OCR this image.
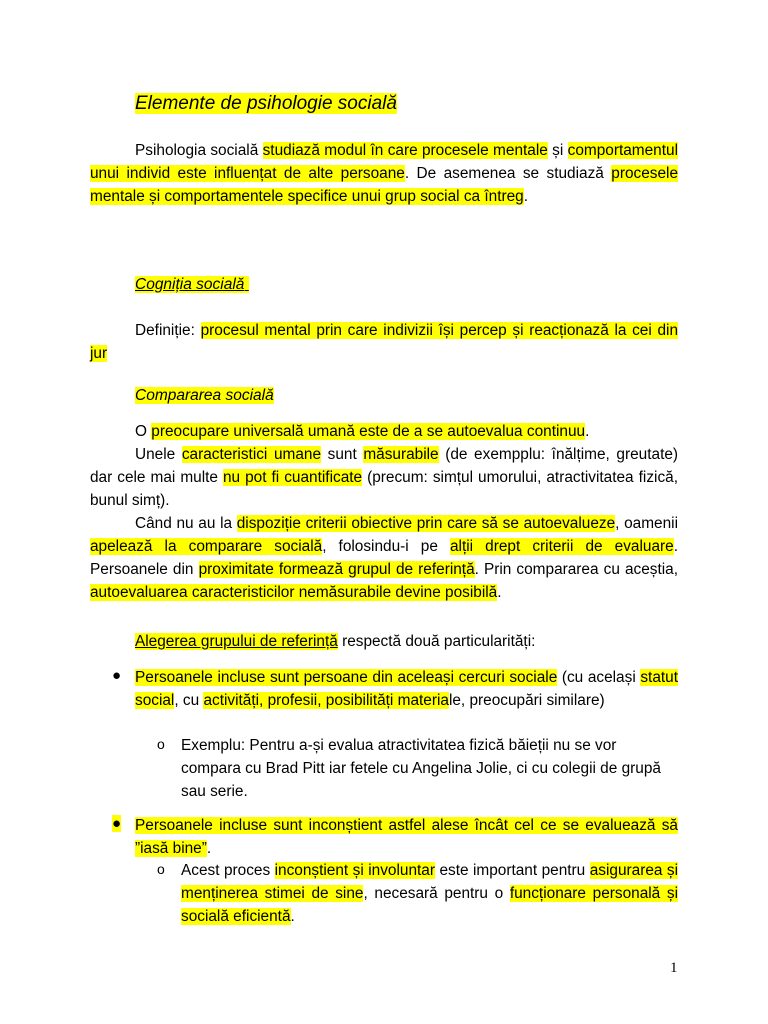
Elemente de psihologie socială

Psihologia socială studiază modul în care procesele mentale și comportamentul unui individ este influențat de alte persoane. De asemenea se studiază procesele mentale și comportamentele specifice unui grup social ca întreg.

Cogniția socială

Definiție: procesul mental prin care indivizii își percep și reacționază la cei din jur

Compararea socială

O preocupare universală umană este de a se autoevalua continuu.

Unele caracteristici umane sunt măsurabile (de exempplu: înălțime, greutate) dar cele mai multe nu pot fi cuantificate (precum: simțul umorului, atractivitatea fizică, bunul simț).

Când nu au la dispoziție criterii obiective prin care să se autoevalueze, oamenii apelează la comparare socială, folosindu-i pe alții drept criterii de evaluare. Persoanele din proximitate formează grupul de referință. Prin compararea cu aceștia, autoevaluarea caracteristicilor nemăsurabile devine posibilă.

Alegerea grupului de referință respectă două particularități:

● Persoanele incluse sunt persoane din aceleași cercuri sociale (cu același statut social, cu activități, profesii, posibilități materiale, preocupări similare)

o Exemplu: Pentru a-și evalua atractivitatea fizică băieții nu se vor compara cu Brad Pitt iar fetele cu Angelina Jolie, ci cu colegii de grupă sau serie.

● Persoanele incluse sunt inconștient astfel alese încât cel ce se evaluează să ”iasă bine”.

o Acest proces inconștient și involuntar este important pentru asigurarea și menținerea stimei de sine, necesară pentru o funcționare personală și socială eficientă.

1
